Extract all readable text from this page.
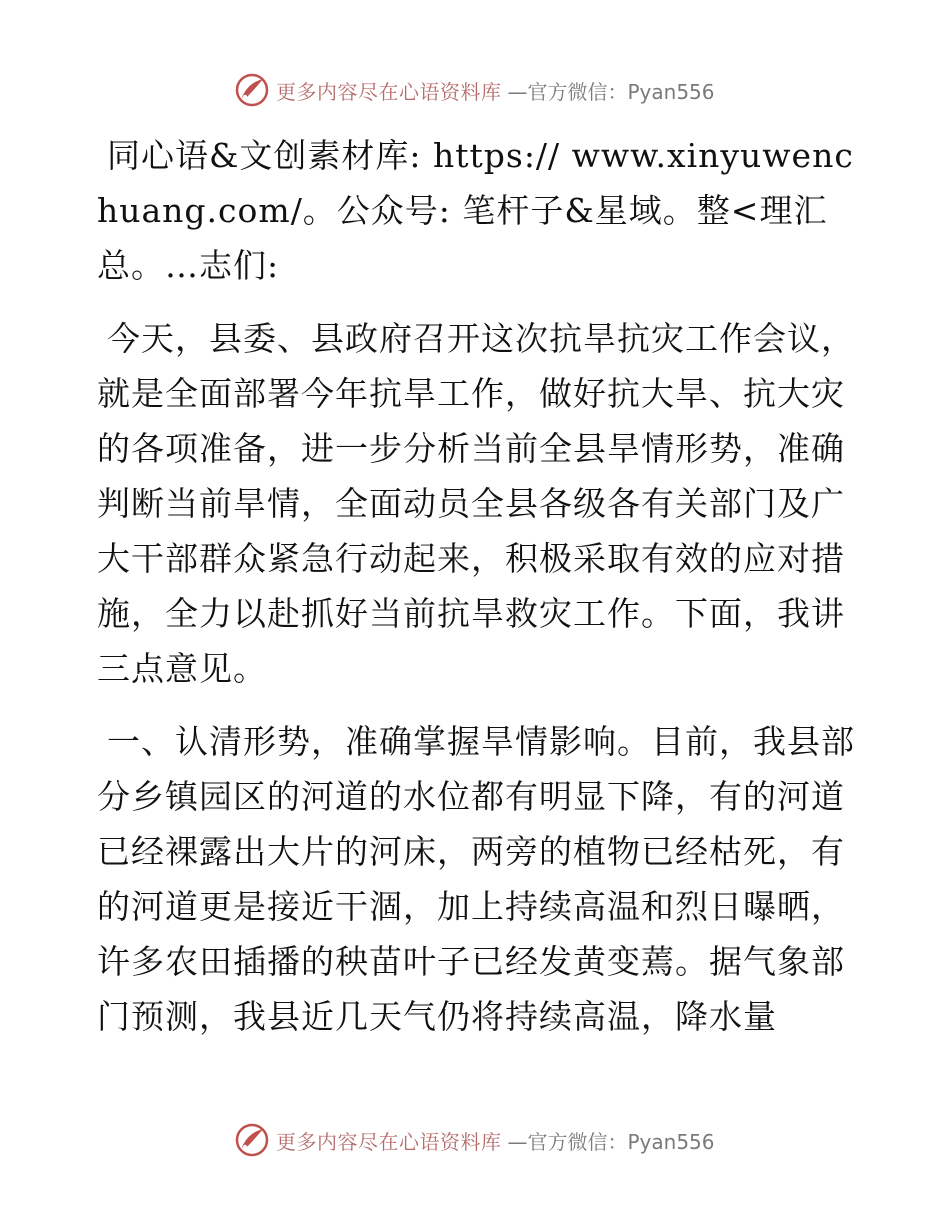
更多内容尽在心语资料库 —官方微信：Pyan556

同心语&文创素材库: https:// www.xinyuwenchuang.com/。公众号: 笔杆子&星域。整<理汇总。…志们:

今天，县委、县政府召开这次抗旱抗灾工作会议，就是全面部署今年抗旱工作，做好抗大旱、抗大灾的各项准备，进一步分析当前全县旱情形势，准确判断当前旱情，全面动员全县各级各有关部门及广大干部群众紧急行动起来，积极采取有效的应对措施，全力以赴抓好当前抗旱救灾工作。下面，我讲三点意见。

一、认清形势，准确掌握旱情影响。目前，我县部分乡镇园区的河道的水位都有明显下降，有的河道已经裸露出大片的河床，两旁的植物已经枯死，有的河道更是接近干涸，加上持续高温和烈日曝晒，许多农田插播的秧苗叶子已经发黄变蔫。据气象部门预测，我县近几天气仍将持续高温，降水量

更多内容尽在心语资料库 —官方微信：Pyan556
